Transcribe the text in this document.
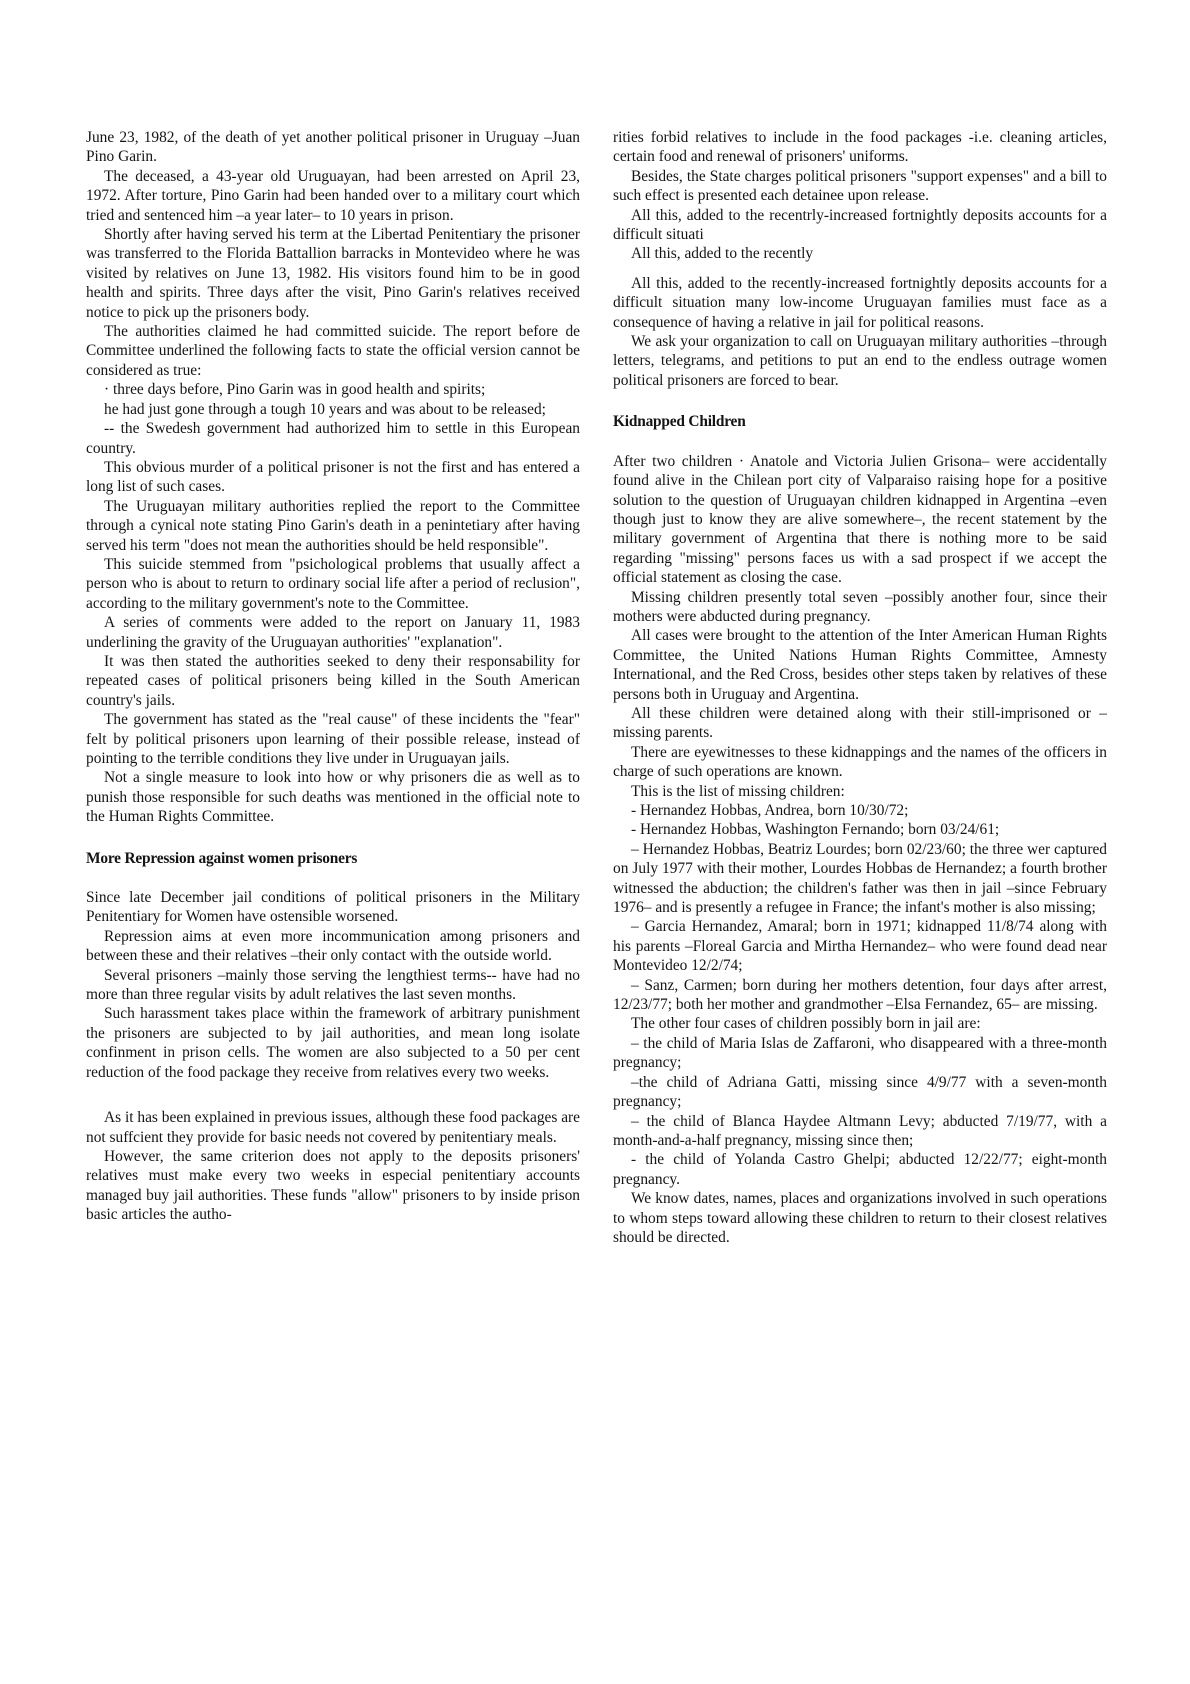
June 23, 1982, of the death of yet another political prisoner in Uruguay –Juan Pino Garin.

The deceased, a 43-year old Uruguayan, had been arrested on April 23, 1972. After torture, Pino Garin had been handed over to a military court which tried and sentenced him –a year later– to 10 years in prison.

Shortly after having served his term at the Libertad Penitentiary the prisoner was transferred to the Florida Battallion barracks in Montevideo where he was visited by relatives on June 13, 1982. His visitors found him to be in good health and spirits. Three days after the visit, Pino Garin's relatives received notice to pick up the prisoners body.

The authorities claimed he had committed suicide. The report before de Committee underlined the following facts to state the official version cannot be considered as true:

· three days before, Pino Garin was in good health and spirits;

he had just gone through a tough 10 years and was about to be released;

-- the Swedesh government had authorized him to settle in this European country.

This obvious murder of a political prisoner is not the first and has entered a long list of such cases.

The Uruguayan military authorities replied the report to the Committee through a cynical note stating Pino Garin's death in a penintetiary after having served his term "does not mean the authorities should be held responsible".

This suicide stemmed from "psichological problems that usually affect a person who is about to return to ordinary social life after a period of reclusion", according to the military government's note to the Committee.

A series of comments were added to the report on January 11, 1983 underlining the gravity of the Uruguayan authorities' "explanation".

It was then stated the authorities seeked to deny their responsability for repeated cases of political prisoners being killed in the South American country's jails.

The government has stated as the "real cause" of these incidents the "fear" felt by political prisoners upon learning of their possible release, instead of pointing to the terrible conditions they live under in Uruguayan jails.

Not a single measure to look into how or why prisoners die as well as to punish those responsible for such deaths was mentioned in the official note to the Human Rights Committee.

More Repression against women prisoners

Since late December jail conditions of political prisoners in the Military Penitentiary for Women have ostensible worsened.

Repression aims at even more incommunication among prisoners and between these and their relatives –their only contact with the outside world.

Several prisoners –mainly those serving the lengthiest terms-- have had no more than three regular visits by adult relatives the last seven months.

Such harassment takes place within the framework of arbitrary punishment the prisoners are subjected to by jail authorities, and mean long isolate confinment in prison cells. The women are also subjected to a 50 per cent reduction of the food package they receive from relatives every two weeks.

As it has been explained in previous issues, although these food packages are not suffcient they provide for basic needs not covered by penitentiary meals.

However, the same criterion does not apply to the deposits prisoners' relatives must make every two weeks in especial penitentiary accounts managed buy jail authorities. These funds "allow" prisoners to by inside prison basic articles the autho-

rities forbid relatives to include in the food packages -i.e. cleaning articles, certain food and renewal of prisoners' uniforms.

Besides, the State charges political prisoners "support expenses" and a bill to such effect is presented each detainee upon release.

All this, added to the recentrly-increased fortnightly deposits accounts for a difficult situati

All this, added to the recently

All this, added to the recently-increased fortnightly deposits accounts for a difficult situation many low-income Uruguayan families must face as a consequence of having a relative in jail for political reasons.

We ask your organization to call on Uruguayan military authorities –through letters, telegrams, and petitions to put an end to the endless outrage women political prisoners are forced to bear.

Kidnapped Children

After two children · Anatole and Victoria Julien Grisona– were accidentally found alive in the Chilean port city of Valparaiso raising hope for a positive solution to the question of Uruguayan children kidnapped in Argentina –even though just to know they are alive somewhere–, the recent statement by the military government of Argentina that there is nothing more to be said regarding "missing" persons faces us with a sad prospect if we accept the official statement as closing the case.

Missing children presently total seven –possibly another four, since their mothers were abducted during pregnancy.

All cases were brought to the attention of the Inter American Human Rights Committee, the United Nations Human Rights Committee, Amnesty International, and the Red Cross, besides other steps taken by relatives of these persons both in Uruguay and Argentina.

All these children were detained along with their still-imprisoned or –missing parents.

There are eyewitnesses to these kidnappings and the names of the officers in charge of such operations are known.

This is the list of missing children:

- Hernandez Hobbas, Andrea, born 10/30/72;

- Hernandez Hobbas, Washington Fernando; born 03/24/61;

– Hernandez Hobbas, Beatriz Lourdes; born 02/23/60; the three wer captured on July 1977 with their mother, Lourdes Hobbas de Hernandez; a fourth brother witnessed the abduction; the children's father was then in jail –since February 1976– and is presently a refugee in France; the infant's mother is also missing;

– Garcia Hernandez, Amaral; born in 1971; kidnapped 11/8/74 along with his parents –Floreal Garcia and Mirtha Hernandez– who were found dead near Montevideo 12/2/74;

– Sanz, Carmen; born during her mothers detention, four days after arrest, 12/23/77; both her mother and grandmother –Elsa Fernandez, 65– are missing.

The other four cases of children possibly born in jail are:

– the child of Maria Islas de Zaffaroni, who disappeared with a three-month pregnancy;

–the child of Adriana Gatti, missing since 4/9/77 with a seven-month pregnancy;

– the child of Blanca Haydee Altmann Levy; abducted 7/19/77, with a month-and-a-half pregnancy, missing since then;

- the child of Yolanda Castro Ghelpi; abducted 12/22/77; eight-month pregnancy.

We know dates, names, places and organizations involved in such operations to whom steps toward allowing these children to return to their closest relatives should be directed.
